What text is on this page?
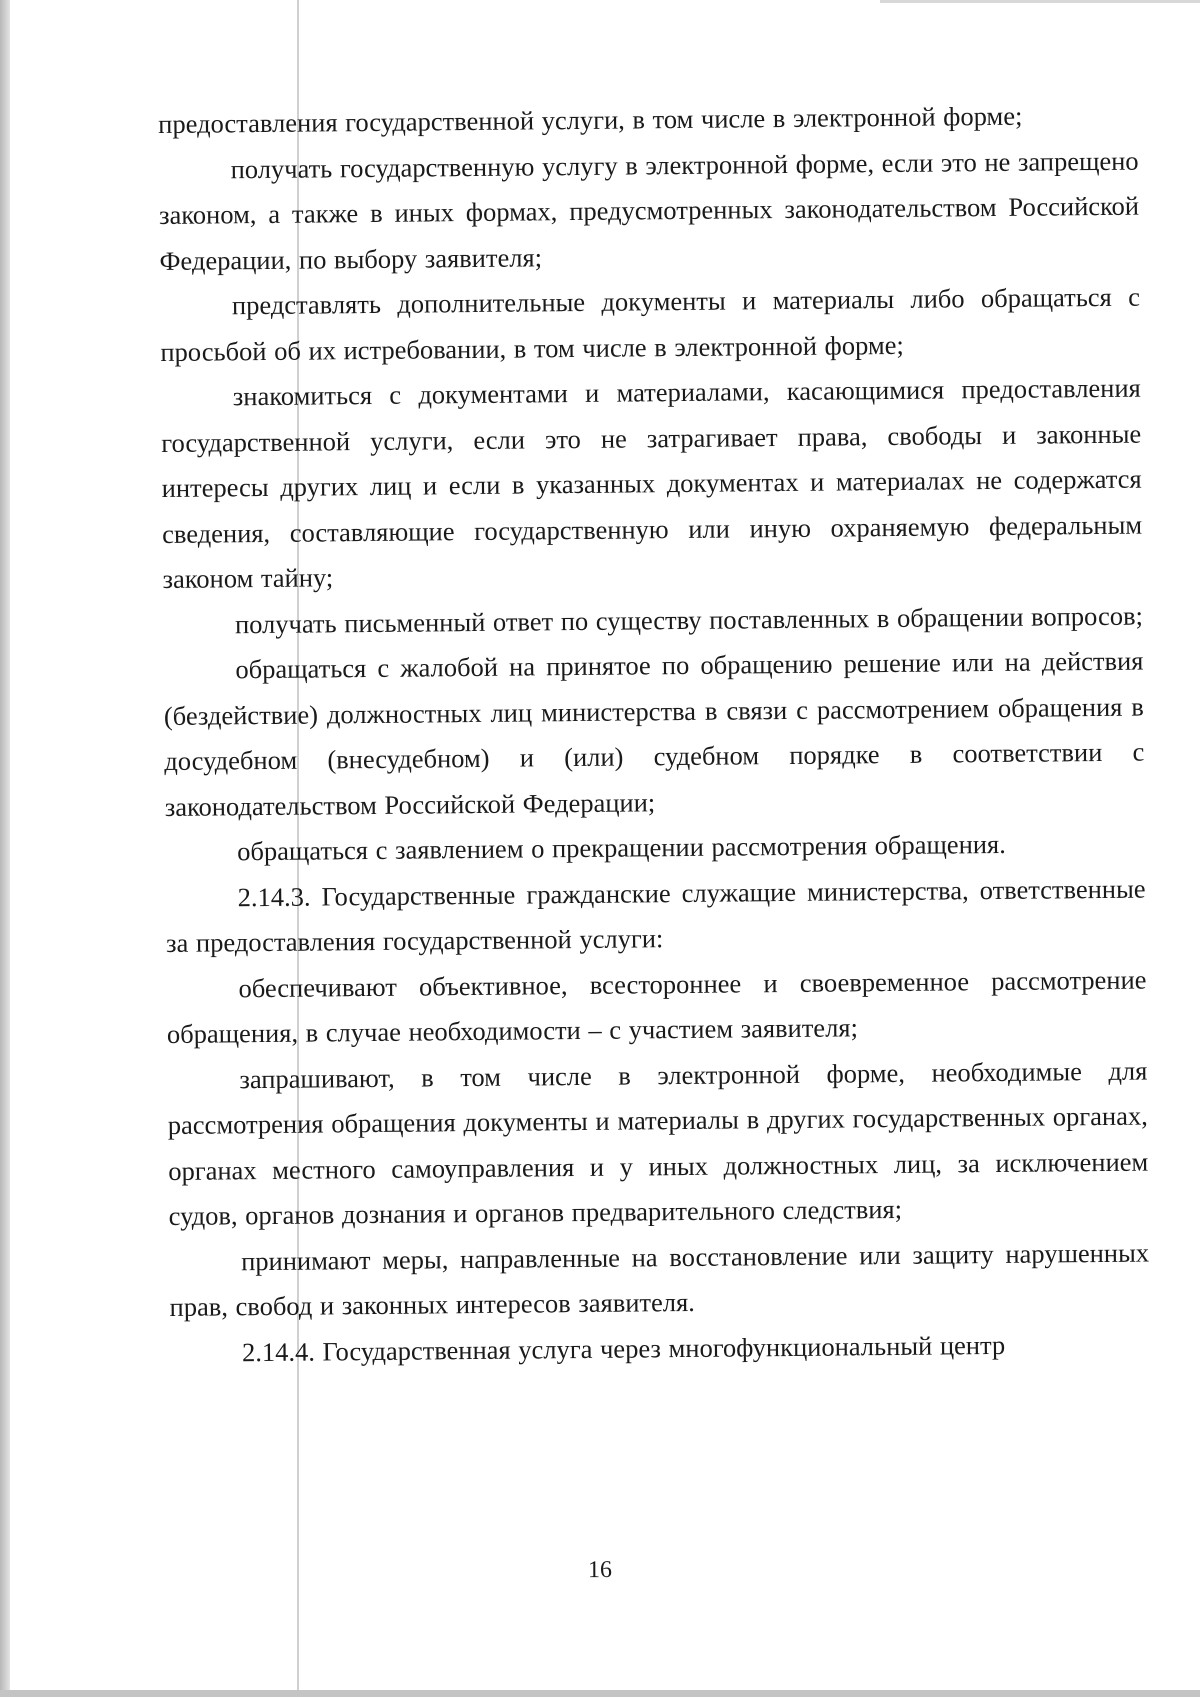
предоставления государственной услуги, в том числе в электронной форме;

получать государственную услугу в электронной форме, если это не запрещено законом, а также в иных формах, предусмотренных законодательством Российской Федерации, по выбору заявителя;

представлять дополнительные документы и материалы либо обращаться с просьбой об их истребовании, в том числе в электронной форме;

знакомиться с документами и материалами, касающимися предоставления государственной услуги, если это не затрагивает права, свободы и законные интересы других лиц и если в указанных документах и материалах не содержатся сведения, составляющие государственную или иную охраняемую федеральным законом тайну;

получать письменный ответ по существу поставленных в обращении вопросов;

обращаться с жалобой на принятое по обращению решение или на действия (бездействие) должностных лиц министерства в связи с рассмотрением обращения в досудебном (внесудебном) и (или) судебном порядке в соответствии с законодательством Российской Федерации;

обращаться с заявлением о прекращении рассмотрения обращения.

2.14.3. Государственные гражданские служащие министерства, ответственные за предоставления государственной услуги:

обеспечивают объективное, всестороннее и своевременное рассмотрение обращения, в случае необходимости – с участием заявителя;

запрашивают, в том числе в электронной форме, необходимые для рассмотрения обращения документы и материалы в других государственных органах, органах местного самоуправления и у иных должностных лиц, за исключением судов, органов дознания и органов предварительного следствия;

принимают меры, направленные на восстановление или защиту нарушенных прав, свобод и законных интересов заявителя.

2.14.4. Государственная услуга через многофункциональный центр

16
